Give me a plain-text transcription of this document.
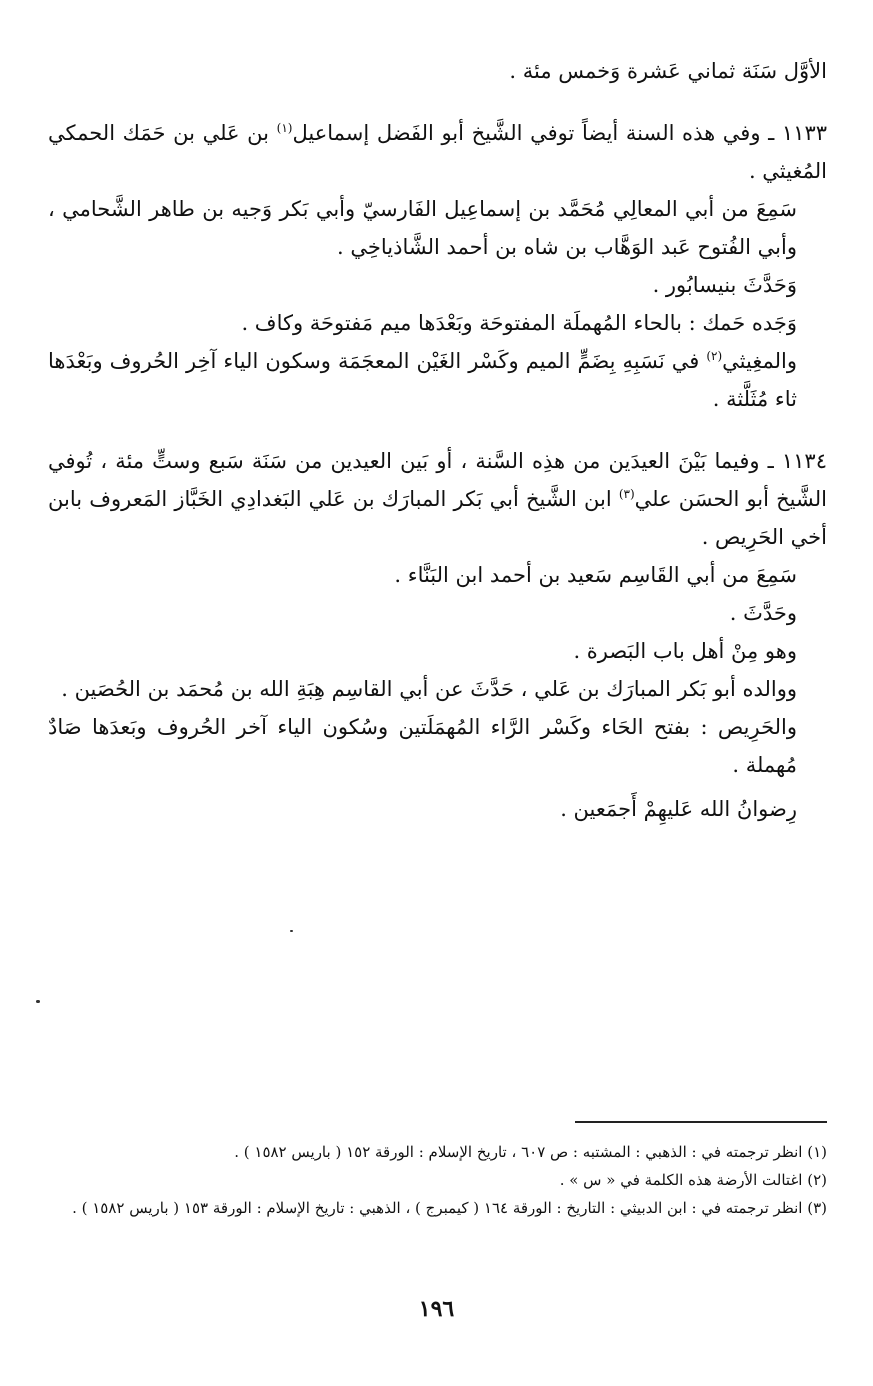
الأوَّل سَنَة ثماني عَشرة وَخمس مئة .

١١٣٣ ـ وفي هذه السنة أيضاً توفي الشَّيخ أبو الفَضل إسماعيل$^{(١)}$ بن عَلي بن حَمَك الحمكي المُغيثي .

سَمِعَ من أبي المعالِي مُحَمَّد بن إسماعِيل الفَارسيّ وأبي بَكر وَجيه بن طاهر الشَّحامي ، وأبي الفُتوح عَبد الوَهَّاب بن شاه بن أحمد الشَّاذياخِي .

وَحَدَّثَ بنيسابُور .

وَجَده حَمك : بالحاء المُهملَة المفتوحَة وبَعْدَها ميم مَفتوحَة وكاف .

والمغِيثي$^{(٢)}$ في نَسَبِهِ بِضَمٍّ الميم وكَسْر الغَيْن المعجَمَة وسكون الياء آخِر الحُروف وبَعْدَها ثاء مُثَلَّثة .

١١٣٤ ـ وفيما بَيْنَ العيدَين من هذِه السَّنة ، أو بَين العيدين من سَنَة سَبع وستٍّ مئة ، تُوفي الشَّيخ أبو الحسَن علي$^{(٣)}$ ابن الشَّيخ أبي بَكر المبارَك بن عَلي البَغدادِي الخَبَّاز المَعروف بابن أخي الحَرِيص .

سَمِعَ من أبي القَاسِم سَعيد بن أحمد ابن البَنَّاء .

وحَدَّثَ .

وهو مِنْ أهل باب البَصرة .

ووالده أبو بَكر المبارَك بن عَلي ، حَدَّثَ عن أبي القاسِم هِبَةِ الله بن مُحمَد بن الحُصَين .

والحَرِيص : بفتح الحَاء وكَسْر الرَّاء المُهمَلَتين وسُكون الياء آخر الحُروف وبَعدَها صَادٌ مُهملة .

رِضوانُ الله عَليهِمْ أَجمَعين .

(١) انظر ترجمته في : الذهبي : المشتبه : ص ٦٠٧ ، تاريخ الإسلام : الورقة ١٥٢ ( باريس ١٥٨٢ ) .

(٢) اغتالت الأرضة هذه الكلمة في « س » .

(٣) انظر ترجمته في : ابن الدبيثي : التاريخ : الورقة ١٦٤ ( كيمبرج ) ، الذهبي : تاريخ الإسلام : الورقة ١٥٣ ( باريس ١٥٨٢ ) .

١٩٦
